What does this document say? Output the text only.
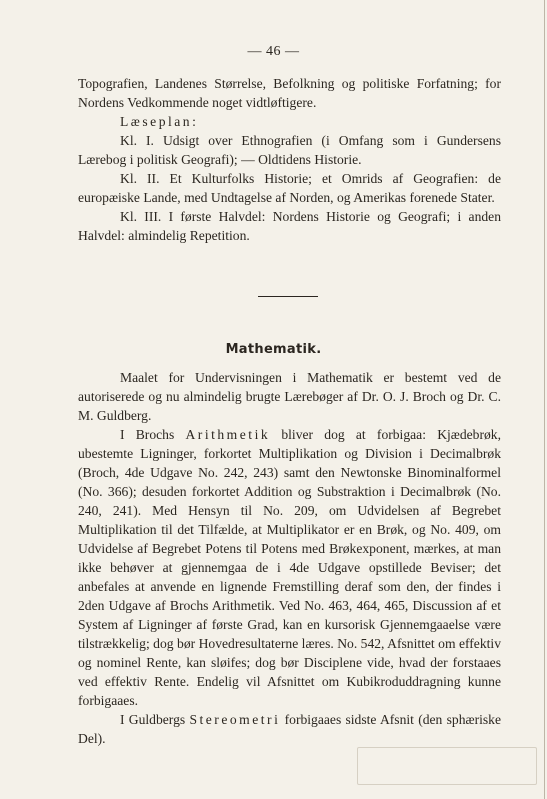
— 46 —

Topografien, Landenes Størrelse, Befolkning og politiske Forfatning; for Nordens Vedkommende noget vidtløftigere.

Læseplan:

Kl. I. Udsigt over Ethnografien (i Omfang som i Gundersens Lærebog i politisk Geografi); — Oldtidens Historie.

Kl. II. Et Kulturfolks Historie; et Omrids af Geografien: de europæiske Lande, med Undtagelse af Norden, og Amerikas forenede Stater.

Kl. III. I første Halvdel: Nordens Historie og Geografi; i anden Halvdel: almindelig Repetition.

Mathematik.

Maalet for Undervisningen i Mathematik er bestemt ved de autoriserede og nu almindelig brugte Lærebøger af Dr. O. J. Broch og Dr. C. M. Guldberg.

I Brochs Arithmetik bliver dog at forbigaa: Kjædebrøk, ubestemte Ligninger, forkortet Multiplikation og Division i Decimalbrøk (Broch, 4de Udgave No. 242, 243) samt den Newtonske Binominalformel (No. 366); desuden forkortet Addition og Substraktion i Decimalbrøk (No. 240, 241). Med Hensyn til No. 209, om Udvidelsen af Begrebet Multiplikation til det Tilfælde, at Multiplikator er en Brøk, og No. 409, om Udvidelse af Begrebet Potens til Potens med Brøkexponent, mærkes, at man ikke behøver at gjennemgaa de i 4de Udgave opstillede Beviser; det anbefales at anvende en lignende Fremstilling deraf som den, der findes i 2den Udgave af Brochs Arithmetik. Ved No. 463, 464, 465, Discussion af et System af Ligninger af første Grad, kan en kursorisk Gjennemgaaelse være tilstrækkelig; dog bør Hovedresultaterne læres. No. 542, Afsnittet om effektiv og nominel Rente, kan sløifes; dog bør Disciplene vide, hvad der forstaaes ved effektiv Rente. Endelig vil Afsnittet om Kubikroduddragning kunne forbigaaes.

I Guldbergs Stereometri forbigaaes sidste Afsnit (den sphæriske Del).
